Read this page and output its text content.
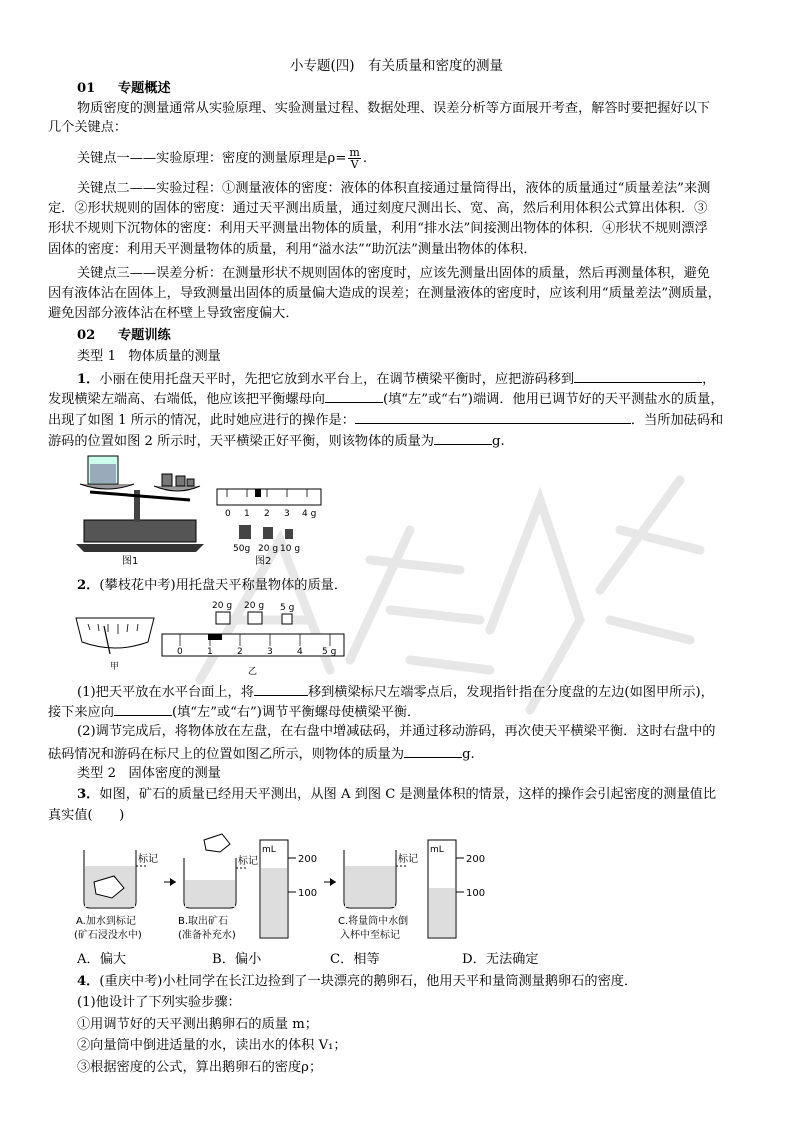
小专题(四)　有关质量和密度的测量
01 专题概述
物质密度的测量通常从实验原理、实验测量过程、数据处理、误差分析等方面展开考查，解答时要把握好以下
几个关键点：
关键点一——实验原理：密度的测量原理是$\rho= \frac{m}{V}$ .
关键点二——实验过程：①测量液体的密度：液体的体积直接通过量筒得出，液体的质量通过“质量差法”来测
定．②形状规则的固体的密度：通过天平测出质量，通过刻度尺测出长、宽、高，然后利用体积公式算出体积．③
形状不规则下沉物体的密度：利用天平测量出物体的质量，利用“排水法”间接测出物体的体积．④形状不规则漂浮
固体的密度：利用天平测量物体的质量，利用“溢水法”“助沉法”测量出物体的体积．
关键点三——误差分析：在测量形状不规则固体的密度时，应该先测量出固体的质量，然后再测量体积，避免
因有液体沾在固体上，导致测量出固体的质量偏大造成的误差；在测量液体的密度时，应该利用“质量差法”测质量，
避免因部分液体沾在杯壁上导致密度偏大．
02 专题训练
类型 1 物体质量的测量
1．小丽在使用托盘天平时，先把它放到水平台上，在调节横梁平衡时，应把游码移到	，
发现横梁左端高、右端低，他应该把平衡螺母向	(填“左”或“右”)端调．他用已调节好的天平测盐水的质量，
出现了如图 1 所示的情况，此时她应进行的操作是：	．当所加砝码和
游码的位置如图 2 所示时，天平横梁正好平衡，则该物体的质量为	g.
图1
0 1 2 3 4 g
50g 20 g 10 g
图2
2．(攀枝花中考)用托盘天平称量物体的质量．
甲
20 g 20 g 5 g
0	1	2	3	4 5 g
乙
(1)把天平放在水平台面上，将	移到横梁标尺左端零点后，发现指针指在分度盘的左边(如图甲所示)，
接下来应向	(填“左”或“右”)调节平衡螺母使横梁平衡．
(2)调节完成后，将物体放在左盘，在右盘中增减砝码，并通过移动游码，再次使天平横梁平衡．这时右盘中的
砝码情况和游码在标尺上的位置如图乙所示，则物体的质量为	g.
类型 2 固体密度的测量
3．如图，矿石的质量已经用天平测出，从图 A 到图 C 是测量体积的情景，这样的操作会引起密度的测量值比
真实值(　　)
标记	标记
mL
200
100
标记
mL
200
100
A.加水到标记
(矿石浸没水中)
B.取出矿石
(准备补充水)
C.将量筒中水倒
入杯中至标记
A．偏大	B．偏小	C．相等	D．无法确定
4．(重庆中考)小杜同学在长江边捡到了一块漂亮的鹅卵石，他用天平和量筒测量鹅卵石的密度．
(1)他设计了下列实验步骤：
①用调节好的天平测出鹅卵石的质量 m；
②向量筒中倒进适量的水，读出水的体积 V₁；
③根据密度的公式，算出鹅卵石的密度ρ；
